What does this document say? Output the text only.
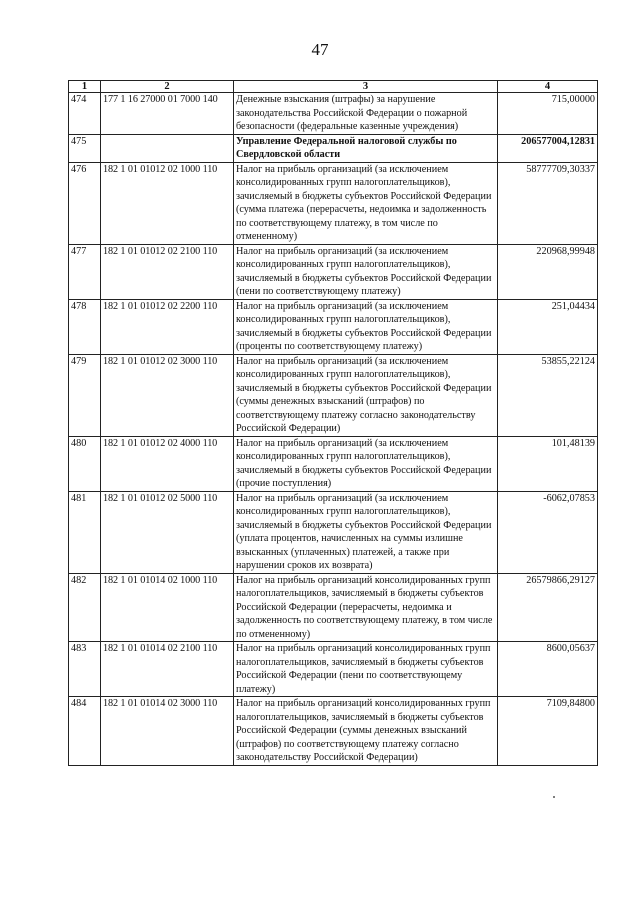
47
1	2	3	4
474	177 1 16 27000 01 7000 140	Денежные взыскания (штрафы) за нарушение законодательства Российской Федерации о пожарной безопасности (федеральные казенные учреждения)	715,00000
475		Управление Федеральной налоговой службы по Свердловской области	206577004,12831
476	182 1 01 01012 02 1000 110	Налог на прибыль организаций (за исключением консолидированных групп налогоплательщиков), зачисляемый в бюджеты субъектов Российской Федерации (сумма платежа (перерасчеты, недоимка и задолженность по соответствующему платежу, в том числе по отмененному)	58777709,30337
477	182 1 01 01012 02 2100 110	Налог на прибыль организаций (за исключением консолидированных групп налогоплательщиков), зачисляемый в бюджеты субъектов Российской Федерации (пени по соответствующему платежу)	220968,99948
478	182 1 01 01012 02 2200 110	Налог на прибыль организаций (за исключением консолидированных групп налогоплательщиков), зачисляемый в бюджеты субъектов Российской Федерации (проценты по соответствующему платежу)	251,04434
479	182 1 01 01012 02 3000 110	Налог на прибыль организаций (за исключением консолидированных групп налогоплательщиков), зачисляемый в бюджеты субъектов Российской Федерации (суммы денежных взысканий (штрафов) по соответствующему платежу согласно законодательству Российской Федерации)	53855,22124
480	182 1 01 01012 02 4000 110	Налог на прибыль организаций (за исключением консолидированных групп налогоплательщиков), зачисляемый в бюджеты субъектов Российской Федерации (прочие поступления)	101,48139
481	182 1 01 01012 02 5000 110	Налог на прибыль организаций (за исключением консолидированных групп налогоплательщиков), зачисляемый в бюджеты субъектов Российской Федерации (уплата процентов, начисленных на суммы излишне взысканных (уплаченных) платежей, а также при нарушении сроков их возврата)	-6062,07853
482	182 1 01 01014 02 1000 110	Налог на прибыль организаций консолидированных групп налогоплательщиков, зачисляемый в бюджеты субъектов Российской Федерации (перерасчеты, недоимка и задолженность по соответствующему платежу, в том числе по отмененному)	26579866,29127
483	182 1 01 01014 02 2100 110	Налог на прибыль организаций консолидированных групп налогоплательщиков, зачисляемый в бюджеты субъектов Российской Федерации (пени по соответствующему платежу)	8600,05637
484	182 1 01 01014 02 3000 110	Налог на прибыль организаций консолидированных групп налогоплательщиков, зачисляемый в бюджеты субъектов Российской Федерации (суммы денежных взысканий (штрафов) по соответствующему платежу согласно законодательству Российской Федерации)	7109,84800
